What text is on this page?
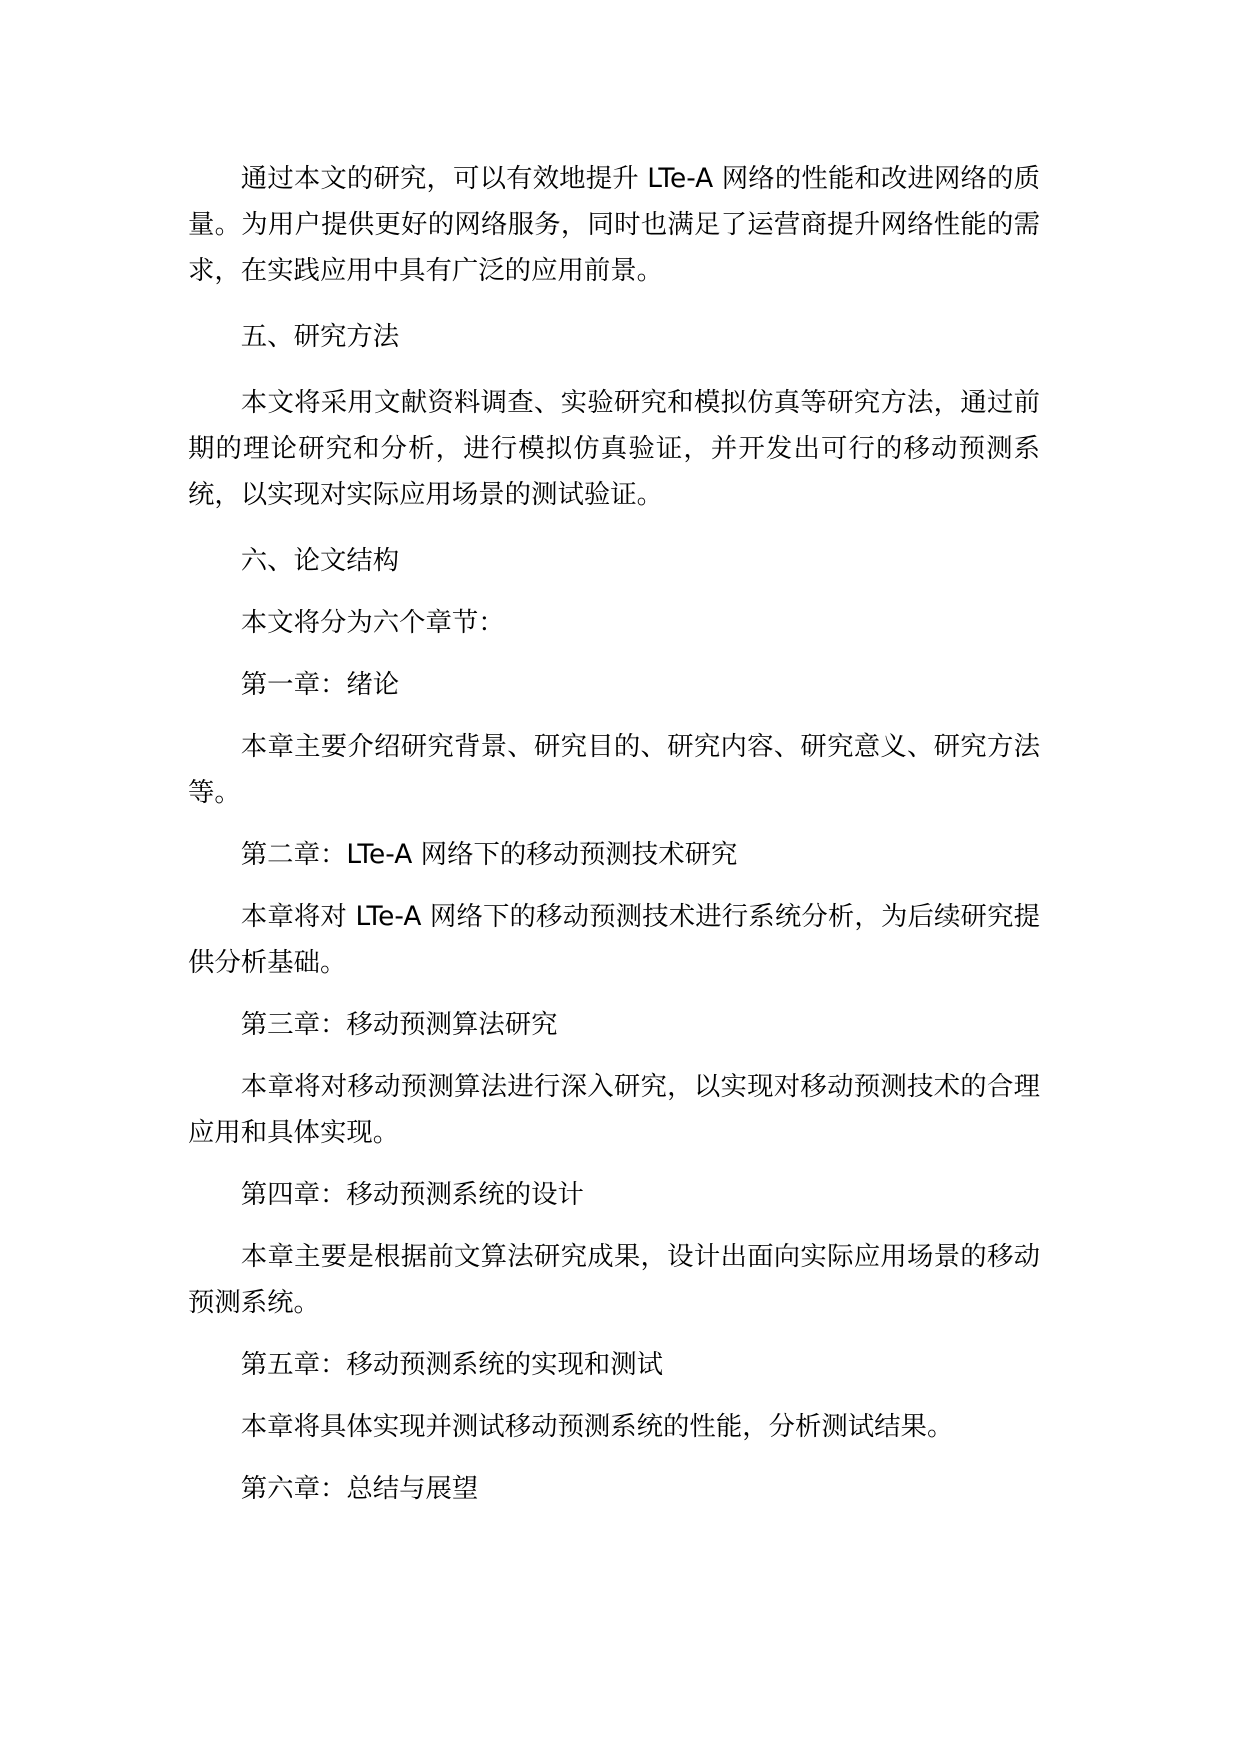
通过本文的研究，可以有效地提升 LTe-A 网络的性能和改进网络的质量。为用户提供更好的网络服务，同时也满足了运营商提升网络性能的需求，在实践应用中具有广泛的应用前景。

五、研究方法

本文将采用文献资料调查、实验研究和模拟仿真等研究方法，通过前期的理论研究和分析，进行模拟仿真验证，并开发出可行的移动预测系统，以实现对实际应用场景的测试验证。

六、论文结构

本文将分为六个章节：

第一章：绪论

本章主要介绍研究背景、研究目的、研究内容、研究意义、研究方法等。

第二章：LTe-A 网络下的移动预测技术研究

本章将对 LTe-A 网络下的移动预测技术进行系统分析，为后续研究提供分析基础。

第三章：移动预测算法研究

本章将对移动预测算法进行深入研究，以实现对移动预测技术的合理应用和具体实现。

第四章：移动预测系统的设计

本章主要是根据前文算法研究成果，设计出面向实际应用场景的移动预测系统。

第五章：移动预测系统的实现和测试

本章将具体实现并测试移动预测系统的性能，分析测试结果。

第六章：总结与展望
